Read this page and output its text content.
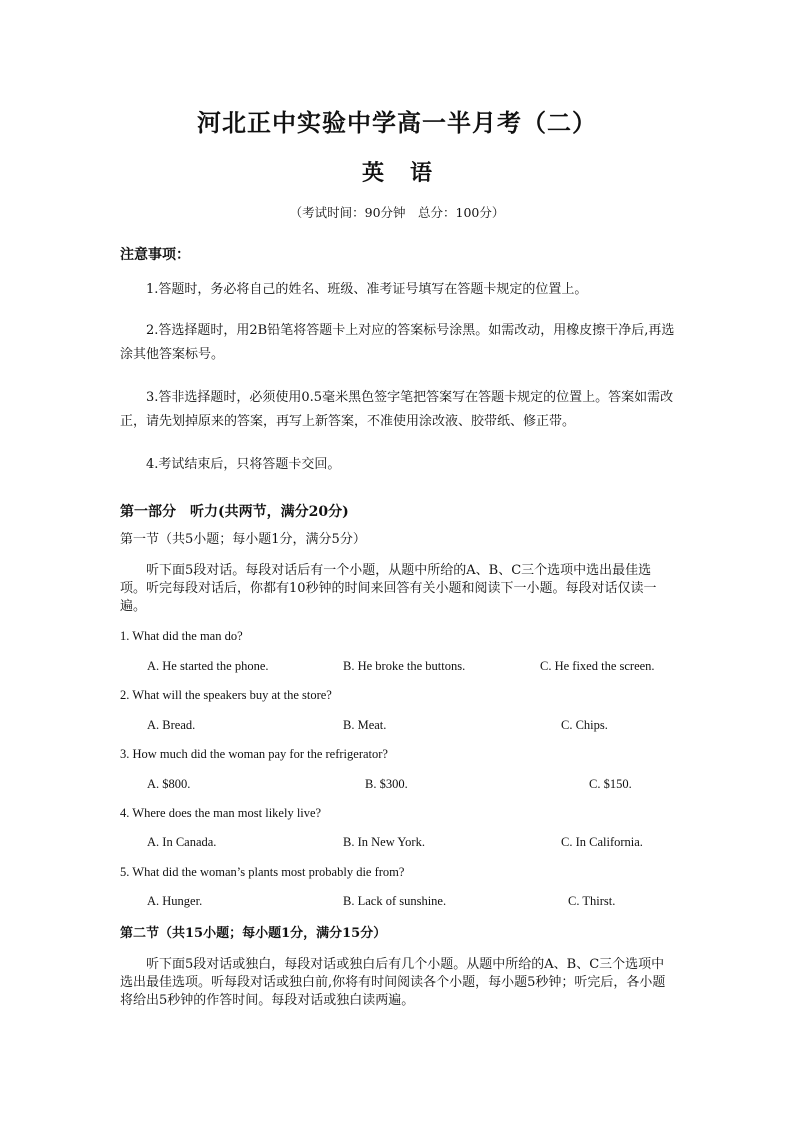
河北正中实验中学高一半月考（二）
英 语
（考试时间：90分钟　总分：100分）
注意事项：
1.答题时，务必将自己的姓名、班级、准考证号填写在答题卡规定的位置上。
2.答选择题时，用2B铅笔将答题卡上对应的答案标号涂黑。如需改动，用橡皮擦干净后,再选涂其他答案标号。
3.答非选择题时，必须使用0.5毫米黑色签字笔把答案写在答题卡规定的位置上。答案如需改正，请先划掉原来的答案，再写上新答案，不准使用涂改液、胶带纸、修正带。
4.考试结束后，只将答题卡交回。
第一部分　听力(共两节，满分20分)
第一节（共5小题；每小题1分，满分5分）
听下面5段对话。每段对话后有一个小题，从题中所给的A、B、C三个选项中选出最佳选项。听完每段对话后，你都有10秒钟的时间来回答有关小题和阅读下一小题。每段对话仅读一遍。
1. What did the man do?
A. He started the phone.	B. He broke the buttons.	C. He fixed the screen.
2. What will the speakers buy at the store?
A. Bread.	B. Meat.	C. Chips.
3. How much did the woman pay for the refrigerator?
A. $800.	B. $300.	C. $150.
4. Where does the man most likely live?
A. In Canada.	B. In New York.	C. In California.
5. What did the woman’s plants most probably die from?
A. Hunger.	B. Lack of sunshine.	C. Thirst.
第二节（共15小题；每小题1分，满分15分）
听下面5段对话或独白，每段对话或独白后有几个小题。从题中所给的A、B、C三个选项中选出最佳选项。听每段对话或独白前,你将有时间阅读各个小题，每小题5秒钟；听完后，各小题将给出5秒钟的作答时间。每段对话或独白读两遍。
